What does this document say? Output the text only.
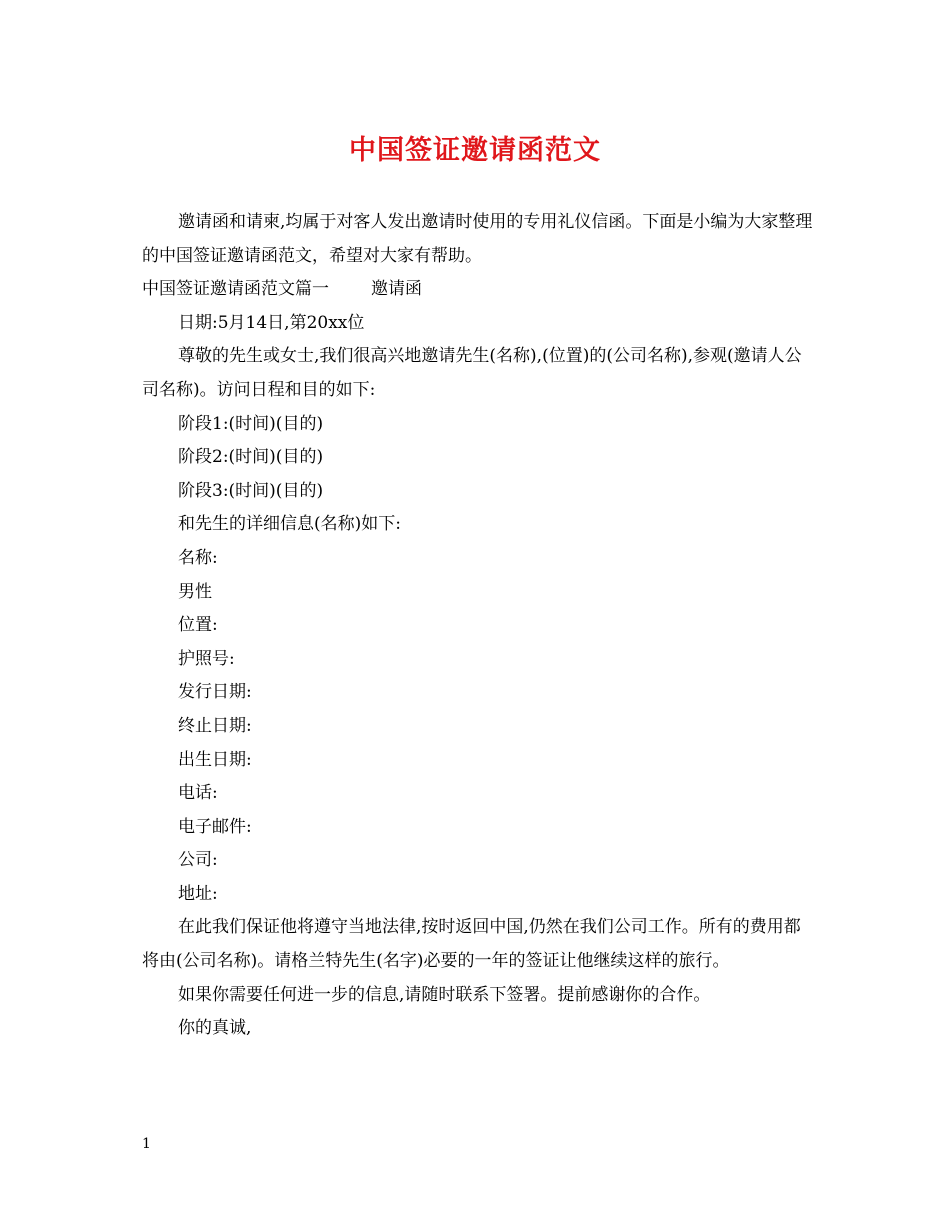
中国签证邀请函范文

邀请函和请柬,均属于对客人发出邀请时使用的专用礼仪信函。下面是小编为大家整理的中国签证邀请函范文，希望对大家有帮助。

中国签证邀请函范文篇一 邀请函

日期:5月14日,第20xx位

尊敬的先生或女士,我们很高兴地邀请先生(名称),(位置)的(公司名称),参观(邀请人公司名称)。访问日程和目的如下:

阶段1:(时间)(目的)

阶段2:(时间)(目的)

阶段3:(时间)(目的)

和先生的详细信息(名称)如下:

名称:

男性

位置:

护照号:

发行日期:

终止日期:

出生日期:

电话:

电子邮件:

公司:

地址:

在此我们保证他将遵守当地法律,按时返回中国,仍然在我们公司工作。所有的费用都将由(公司名称)。请格兰特先生(名字)必要的一年的签证让他继续这样的旅行。

如果你需要任何进一步的信息,请随时联系下签署。提前感谢你的合作。

你的真诚,

1
